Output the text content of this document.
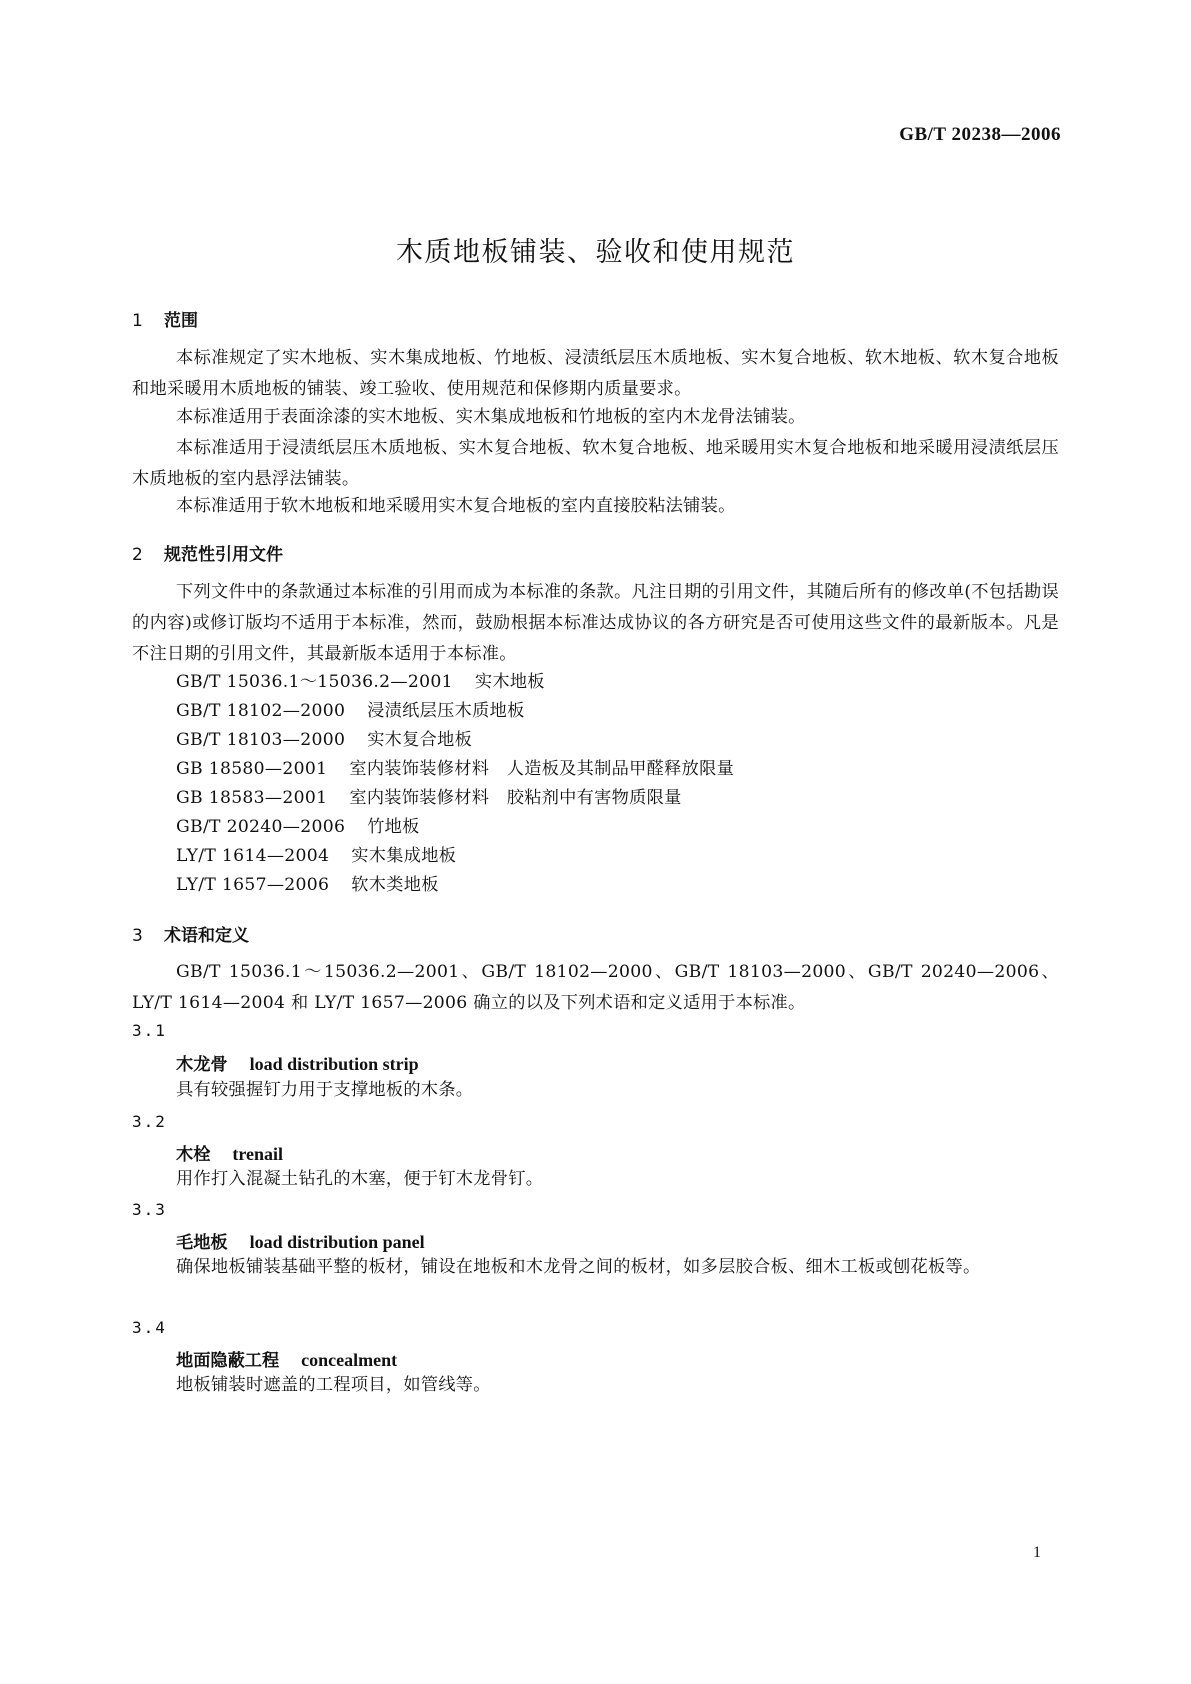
GB/T 20238—2006
木质地板铺装、验收和使用规范
1 范围
本标准规定了实木地板、实木集成地板、竹地板、浸渍纸层压木质地板、实木复合地板、软木地板、软木复合地板和地采暖用木质地板的铺装、竣工验收、使用规范和保修期内质量要求。
本标准适用于表面涂漆的实木地板、实木集成地板和竹地板的室内木龙骨法铺装。
本标准适用于浸渍纸层压木质地板、实木复合地板、软木复合地板、地采暖用实木复合地板和地采暖用浸渍纸层压木质地板的室内悬浮法铺装。
本标准适用于软木地板和地采暖用实木复合地板的室内直接胶粘法铺装。
2 规范性引用文件
下列文件中的条款通过本标准的引用而成为本标准的条款。凡注日期的引用文件，其随后所有的修改单(不包括勘误的内容)或修订版均不适用于本标准，然而，鼓励根据本标准达成协议的各方研究是否可使用这些文件的最新版本。凡是不注日期的引用文件，其最新版本适用于本标准。
GB/T 15036.1～15036.2—2001 实木地板
GB/T 18102—2000 浸渍纸层压木质地板
GB/T 18103—2000 实木复合地板
GB 18580—2001 室内装饰装修材料　人造板及其制品甲醛释放限量
GB 18583—2001 室内装饰装修材料　胶粘剂中有害物质限量
GB/T 20240—2006 竹地板
LY/T 1614—2004 实木集成地板
LY/T 1657—2006 软木类地板
3 术语和定义
GB/T 15036.1～15036.2—2001、GB/T 18102—2000、GB/T 18103—2000、GB/T 20240—2006、LY/T 1614—2004 和 LY/T 1657—2006 确立的以及下列术语和定义适用于本标准。
3.1
木龙骨 load distribution strip
具有较强握钉力用于支撑地板的木条。
3.2
木栓 trenail
用作打入混凝土钻孔的木塞，便于钉木龙骨钉。
3.3
毛地板 load distribution panel
确保地板铺装基础平整的板材，铺设在地板和木龙骨之间的板材，如多层胶合板、细木工板或刨花板等。
3.4
地面隐蔽工程 concealment
地板铺装时遮盖的工程项目，如管线等。
1
